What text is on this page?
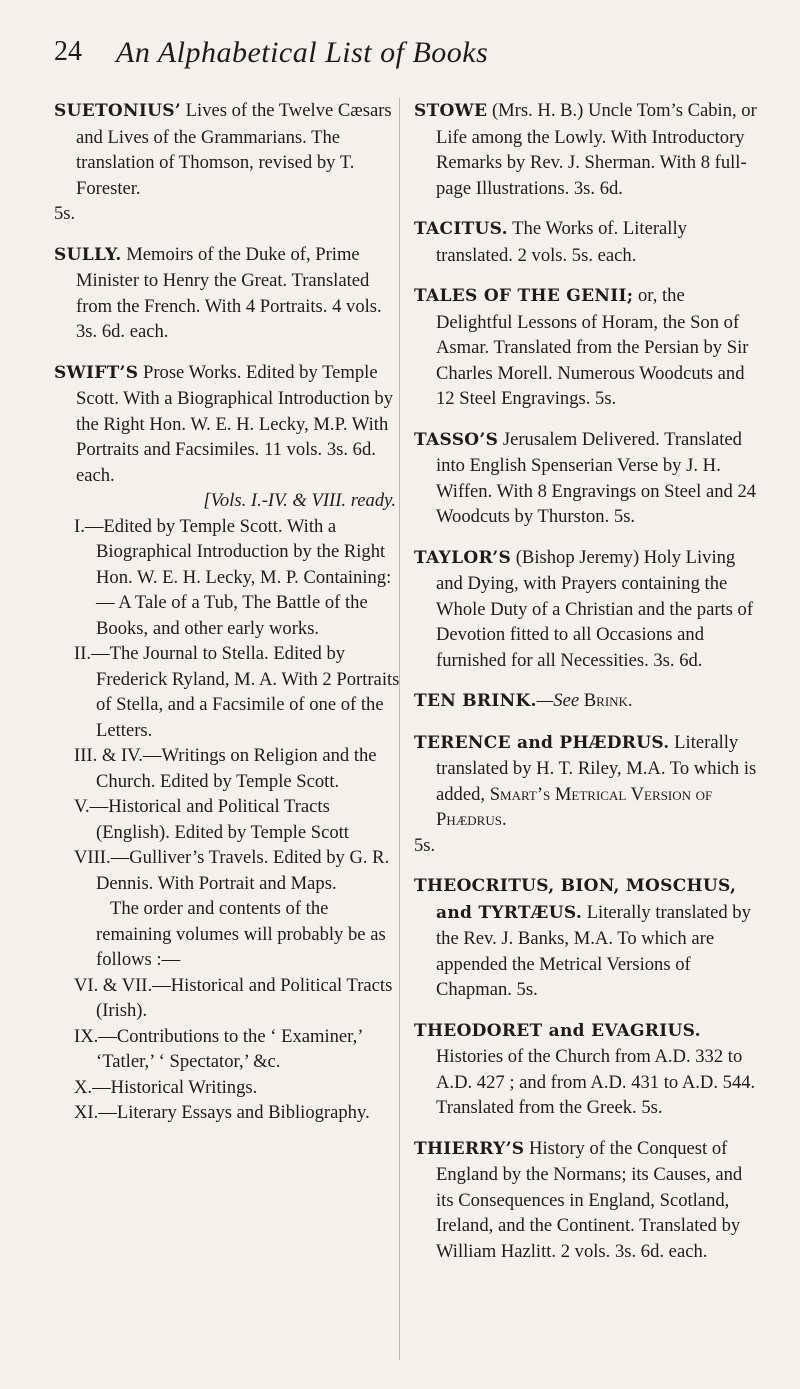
24 An Alphabetical List of Books

SUETONIUS’ Lives of the Twelve Cæsars and Lives of the Grammarians. The translation of Thomson, revised by T. Forester.
5s.

SULLY. Memoirs of the Duke of, Prime Minister to Henry the Great. Translated from the French. With 4 Portraits. 4 vols. 3s. 6d. each.

SWIFT’S Prose Works. Edited by Temple Scott. With a Biographical Introduction by the Right Hon. W. E. H. Lecky, M.P. With Portraits and Facsimiles. 11 vols. 3s. 6d. each.

[Vols. I.-IV. & VIII. ready.

I.—Edited by Temple Scott. With a Biographical Introduction by the Right Hon. W. E. H. Lecky, M. P. Containing: — A Tale of a Tub, The Battle of the Books, and other early works.

II.—The Journal to Stella. Edited by Frederick Ryland, M. A. With 2 Portraits of Stella, and a Facsimile of one of the Letters.

III. & IV.—Writings on Religion and the Church. Edited by Temple Scott.

V.—Historical and Political Tracts (English). Edited by Temple Scott

VIII.—Gulliver’s Travels. Edited by G. R. Dennis. With Portrait and Maps.

The order and contents of the remaining volumes will probably be as follows :—

VI. & VII.—Historical and Political Tracts (Irish).

IX.—Contributions to the ‘ Examiner,’ ‘Tatler,’ ‘ Spectator,’ &c.

X.—Historical Writings.

XI.—Literary Essays and Bibliography.

STOWE (Mrs. H. B.) Uncle Tom’s Cabin, or Life among the Lowly. With Introductory Remarks by Rev. J. Sherman. With 8 full-page Illustrations. 3s. 6d.

TACITUS. The Works of. Literally translated. 2 vols. 5s. each.

TALES OF THE GENII; or, the Delightful Lessons of Horam, the Son of Asmar. Translated from the Persian by Sir Charles Morell. Numerous Woodcuts and 12 Steel Engravings. 5s.

TASSO’S Jerusalem Delivered. Translated into English Spenserian Verse by J. H. Wiffen. With 8 Engravings on Steel and 24 Woodcuts by Thurston. 5s.

TAYLOR’S (Bishop Jeremy) Holy Living and Dying, with Prayers containing the Whole Duty of a Christian and the parts of Devotion fitted to all Occasions and furnished for all Necessities. 3s. 6d.

TEN BRINK.—See Brink.

TERENCE and PHÆDRUS. Literally translated by H. T. Riley, M.A. To which is added, Smart’s Metrical Version of Phædrus.
5s.

THEOCRITUS, BION, MOSCHUS, and TYRTÆUS. Literally translated by the Rev. J. Banks, M.A. To which are appended the Metrical Versions of Chapman. 5s.

THEODORET and EVAGRIUS. Histories of the Church from A.D. 332 to A.D. 427 ; and from A.D. 431 to A.D. 544. Translated from the Greek. 5s.

THIERRY’S History of the Conquest of England by the Normans; its Causes, and its Consequences in England, Scotland, Ireland, and the Continent. Translated by William Hazlitt. 2 vols. 3s. 6d. each.
